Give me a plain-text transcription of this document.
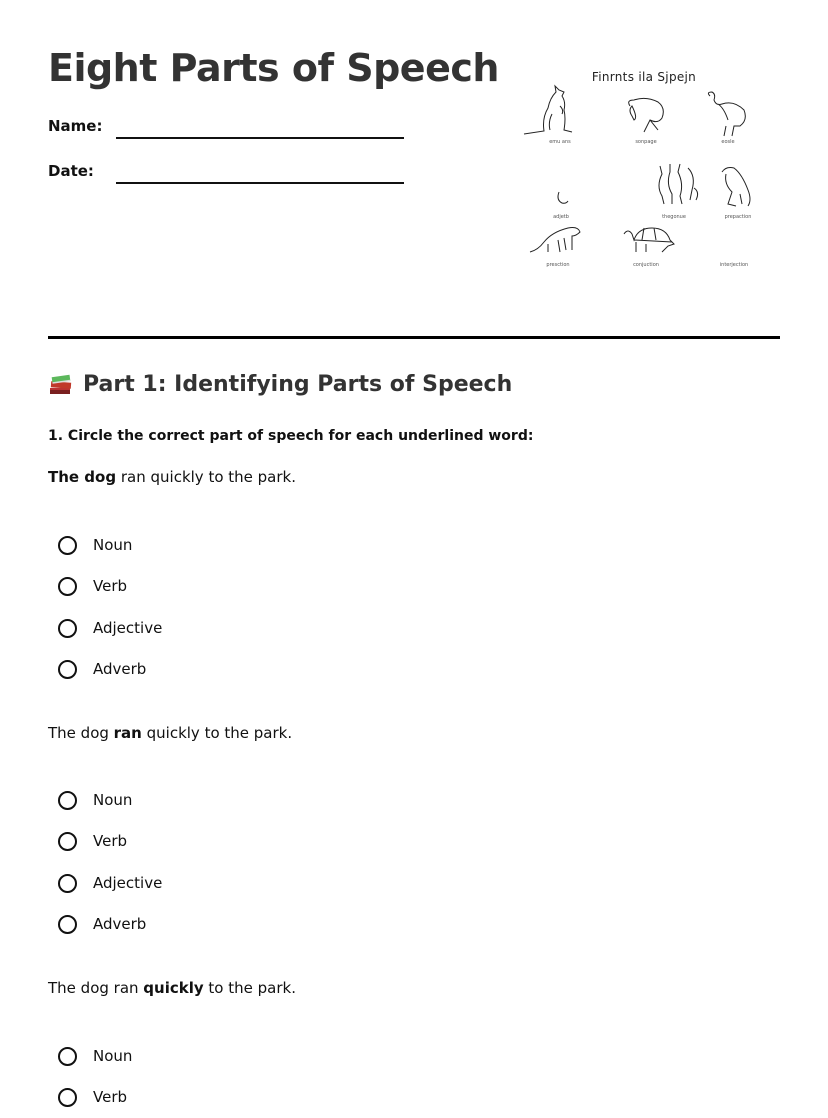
Eight Parts of Speech
Name:
Date:
Finrnts ila Sjpejn
emu ans	sonpage	eosle
adjetb	thegonue	prepaction
presction	conjuction	interjection
Part 1: Identifying Parts of Speech
1. Circle the correct part of speech for each underlined word:
The dog ran quickly to the park.
Noun
Verb
Adjective
Adverb
The dog ran quickly to the park.
Noun
Verb
Adjective
Adverb
The dog ran quickly to the park.
Noun
Verb
